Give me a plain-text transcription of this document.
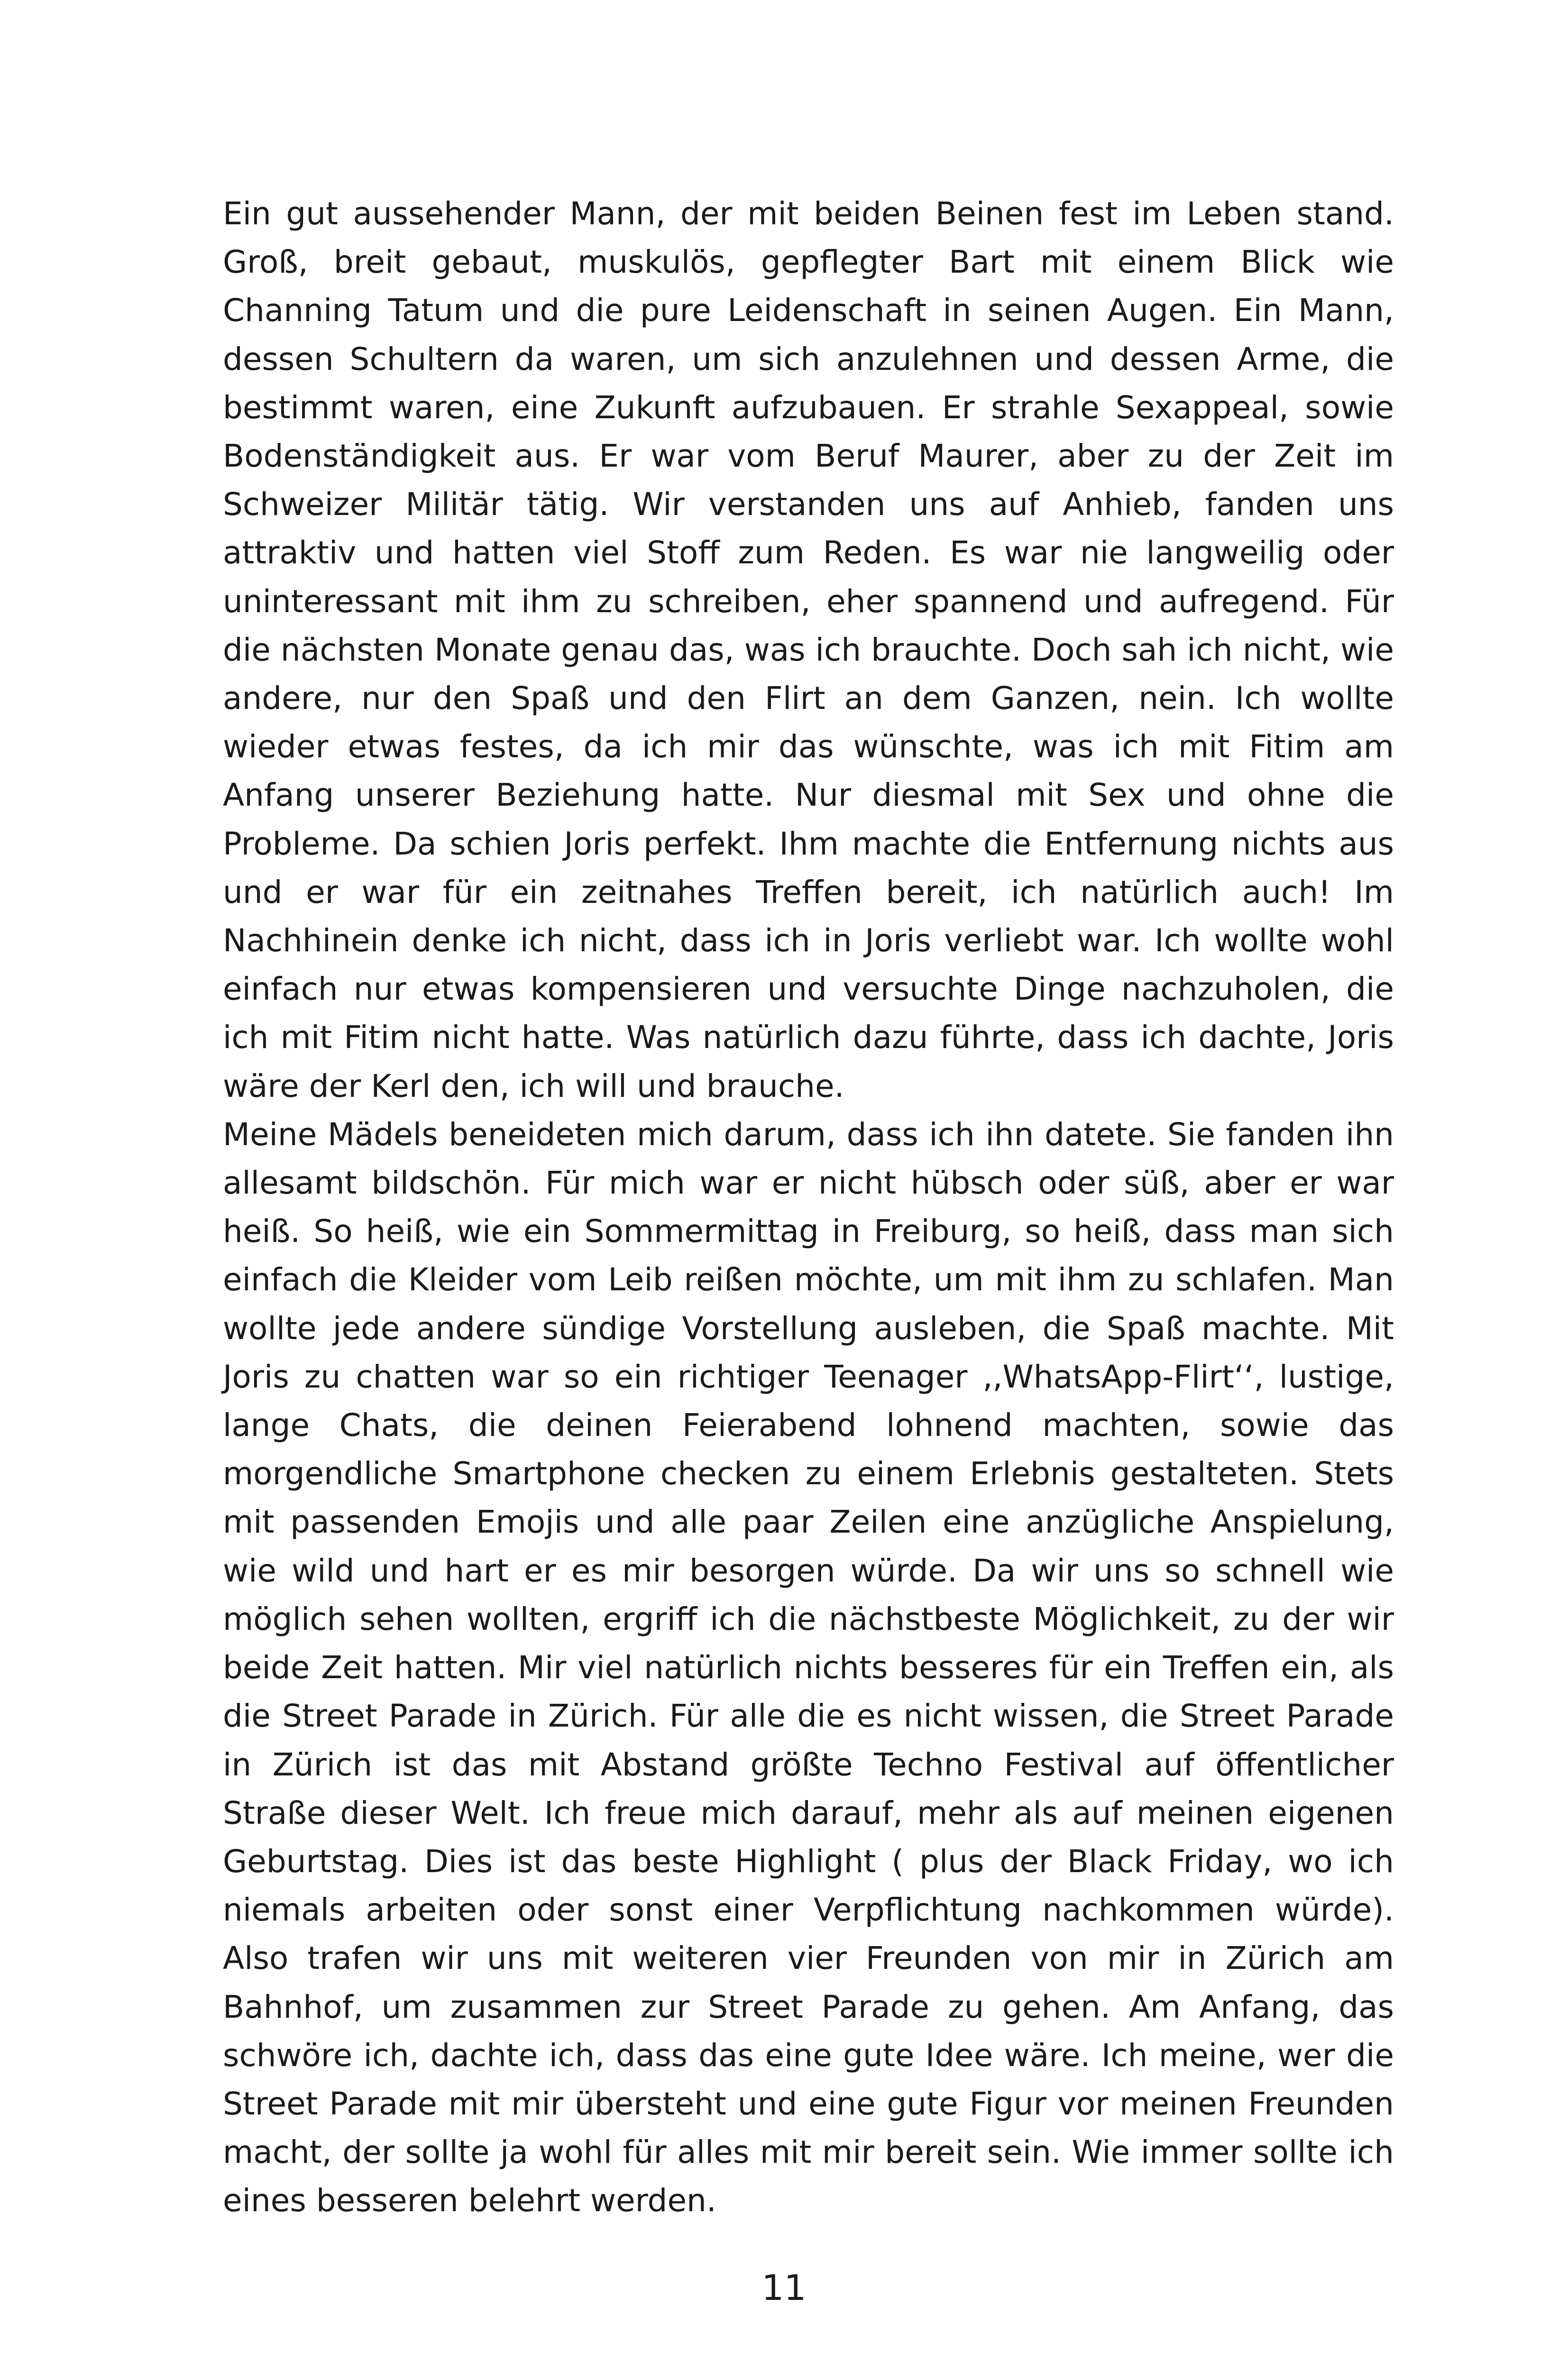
Ein gut aussehender Mann, der mit beiden Beinen fest im Leben stand. Groß, breit gebaut, muskulös, gepflegter Bart mit einem Blick wie Channing Tatum und die pure Leidenschaft in seinen Augen. Ein Mann, dessen Schultern da waren, um sich anzulehnen und dessen Arme, die bestimmt waren, eine Zukunft aufzubauen. Er strahle Sexappeal, sowie Bodenständigkeit aus. Er war vom Beruf Maurer, aber zu der Zeit im Schweizer Militär tätig. Wir verstanden uns auf Anhieb, fanden uns attraktiv und hatten viel Stoff zum Reden. Es war nie langweilig oder uninteressant mit ihm zu schreiben, eher spannend und aufregend. Für die nächsten Monate genau das, was ich brauchte. Doch sah ich nicht, wie andere, nur den Spaß und den Flirt an dem Ganzen, nein. Ich wollte wieder etwas festes, da ich mir das wünschte, was ich mit Fitim am Anfang unserer Beziehung hatte. Nur diesmal mit Sex und ohne die Probleme. Da schien Joris perfekt. Ihm machte die Entfernung nichts aus und er war für ein zeitnahes Treffen bereit, ich natürlich auch! Im Nachhinein denke ich nicht, dass ich in Joris verliebt war. Ich wollte wohl einfach nur etwas kompensieren und versuchte Dinge nachzuholen, die ich mit Fitim nicht hatte. Was natürlich dazu führte, dass ich dachte, Joris wäre der Kerl den, ich will und brauche.

Meine Mädels beneideten mich darum, dass ich ihn datete. Sie fanden ihn allesamt bildschön. Für mich war er nicht hübsch oder süß, aber er war heiß. So heiß, wie ein Sommermittag in Freiburg, so heiß, dass man sich einfach die Kleider vom Leib reißen möchte, um mit ihm zu schlafen. Man wollte jede andere sündige Vorstellung ausleben, die Spaß machte. Mit Joris zu chatten war so ein richtiger Teenager ,,WhatsApp-Flirt‘‘, lustige, lange Chats, die deinen Feierabend lohnend machten, sowie das morgendliche Smartphone checken zu einem Erlebnis gestalteten. Stets mit passenden Emojis und alle paar Zeilen eine anzügliche Anspielung, wie wild und hart er es mir besorgen würde. Da wir uns so schnell wie möglich sehen wollten, ergriff ich die nächstbeste Möglichkeit, zu der wir beide Zeit hatten. Mir viel natürlich nichts besseres für ein Treffen ein, als die Street Parade in Zürich. Für alle die es nicht wissen, die Street Parade in Zürich ist das mit Abstand größte Techno Festival auf öffentlicher Straße dieser Welt. Ich freue mich darauf, mehr als auf meinen eigenen Geburtstag. Dies ist das beste Highlight ( plus der Black Friday, wo ich niemals arbeiten oder sonst einer Verpflichtung nachkommen würde). Also trafen wir uns mit weiteren vier Freunden von mir in Zürich am Bahnhof, um zusammen zur Street Parade zu gehen. Am Anfang, das schwöre ich, dachte ich, dass das eine gute Idee wäre. Ich meine, wer die Street Parade mit mir übersteht und eine gute Figur vor meinen Freunden macht, der sollte ja wohl für alles mit mir bereit sein. Wie immer sollte ich eines besseren belehrt werden.

11
